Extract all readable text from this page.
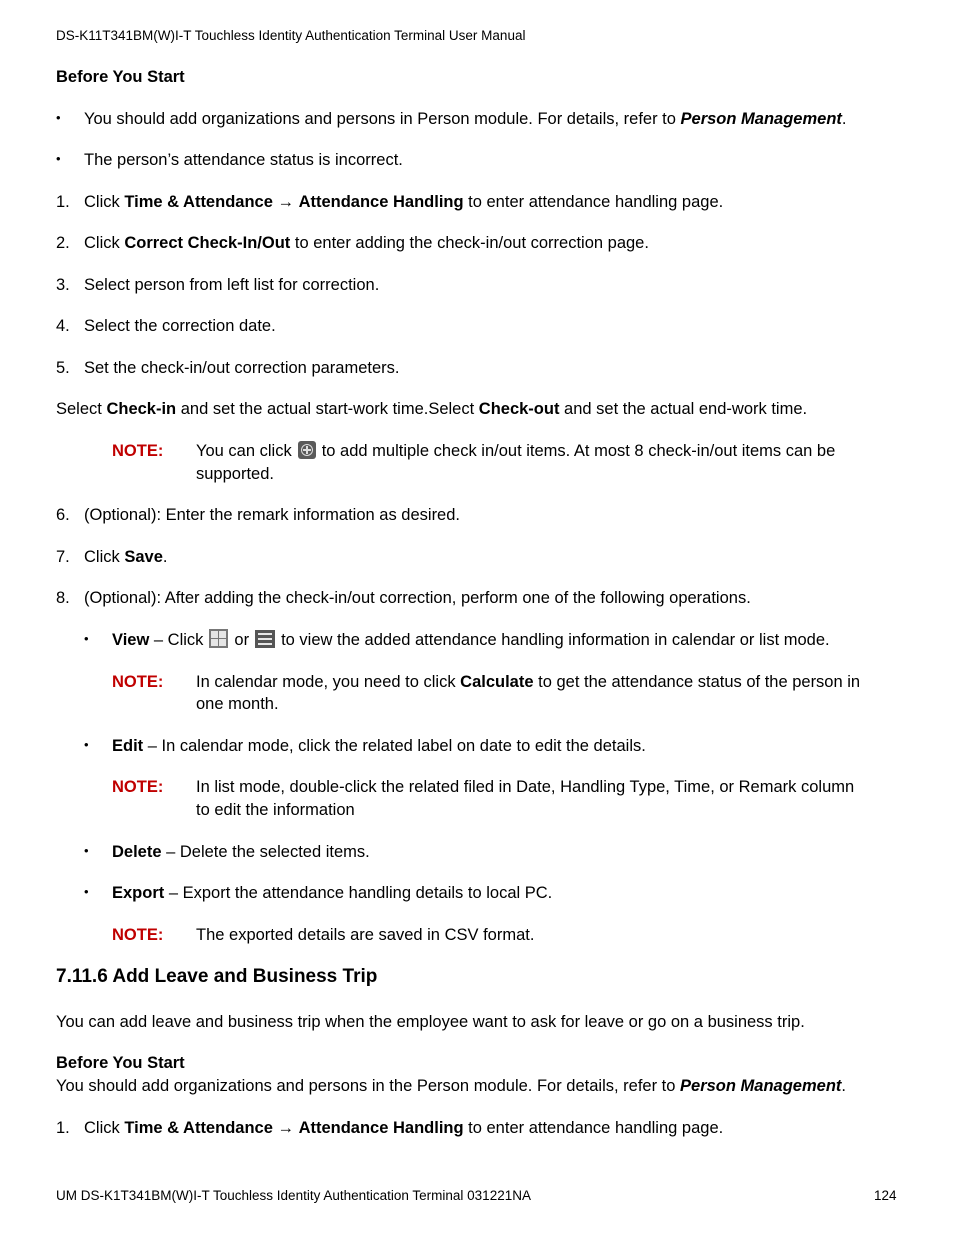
DS-K11T341BM(W)I-T Touchless Identity Authentication Terminal User Manual
Before You Start
• You should add organizations and persons in Person module. For details, refer to Person Management.
• The person’s attendance status is incorrect.
1. Click Time & Attendance → Attendance Handling to enter attendance handling page.
2. Click Correct Check-In/Out to enter adding the check-in/out correction page.
3. Select person from left list for correction.
4. Select the correction date.
5. Set the check-in/out correction parameters.
Select Check-in and set the actual start-work time.Select Check-out and set the actual end-work time.
NOTE: You can click to add multiple check in/out items. At most 8 check-in/out items can be
supported.
6. (Optional): Enter the remark information as desired.
7. Click Save.
8. (Optional): After adding the check-in/out correction, perform one of the following operations.
• View – Click or to view the added attendance handling information in calendar or list mode.
NOTE: In calendar mode, you need to click Calculate to get the attendance status of the person in
one month.
• Edit – In calendar mode, click the related label on date to edit the details.
NOTE: In list mode, double-click the related filed in Date, Handling Type, Time, or Remark column
to edit the information
• Delete – Delete the selected items.
• Export – Export the attendance handling details to local PC.
NOTE: The exported details are saved in CSV format.
7.11.6 Add Leave and Business Trip
You can add leave and business trip when the employee want to ask for leave or go on a business trip.
Before You Start
You should add organizations and persons in the Person module. For details, refer to Person Management.
1. Click Time & Attendance → Attendance Handling to enter attendance handling page.
UM DS-K1T341BM(W)I-T Touchless Identity Authentication Terminal 031221NA	124
